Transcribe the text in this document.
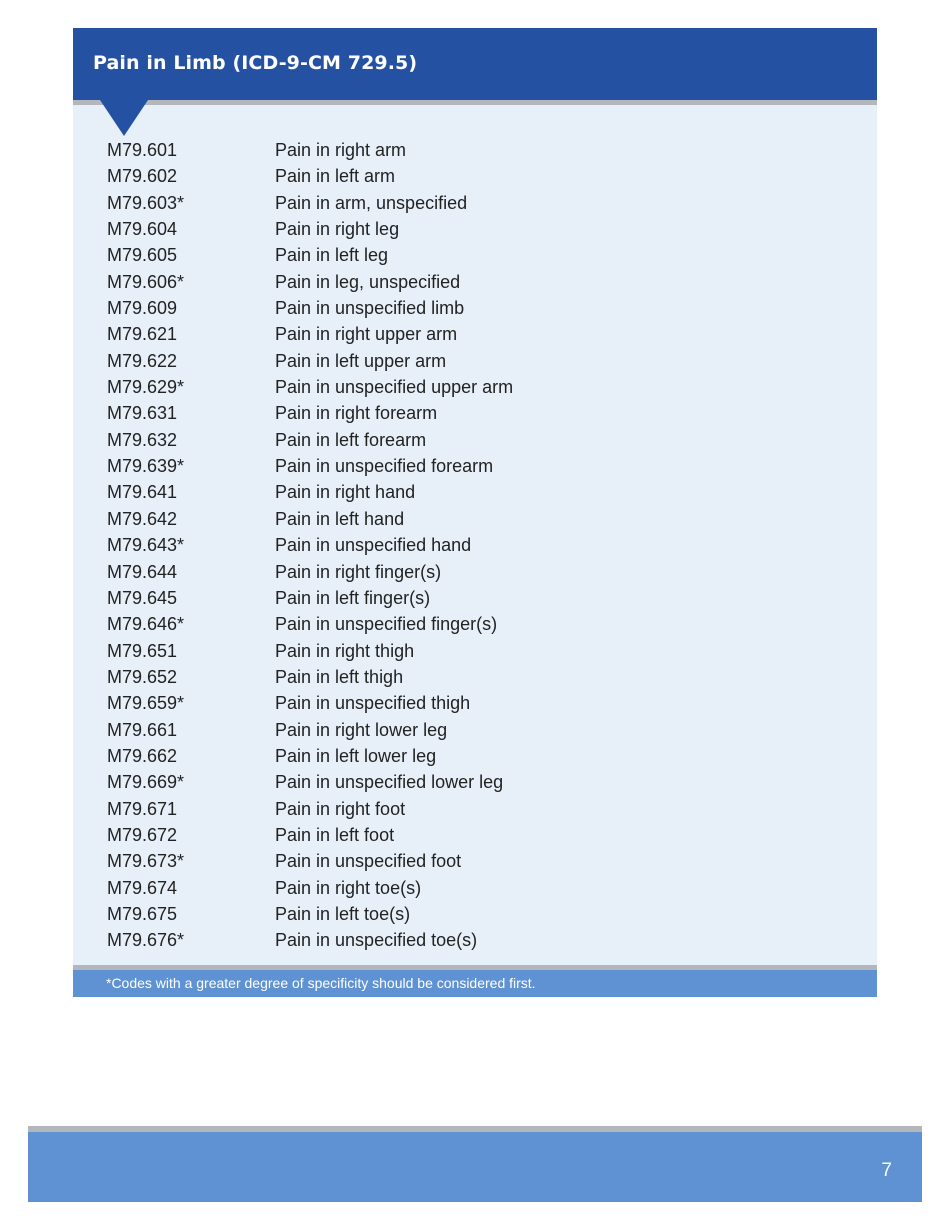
Pain in Limb (ICD-9-CM 729.5)
M79.601	Pain in right arm
M79.602	Pain in left arm
M79.603*	Pain in arm, unspecified
M79.604	Pain in right leg
M79.605	Pain in left leg
M79.606*	Pain in leg, unspecified
M79.609	Pain in unspecified limb
M79.621	Pain in right upper arm
M79.622	Pain in left upper arm
M79.629*	Pain in unspecified upper arm
M79.631	Pain in right forearm
M79.632	Pain in left forearm
M79.639*	Pain in unspecified forearm
M79.641	Pain in right hand
M79.642	Pain in left hand
M79.643*	Pain in unspecified hand
M79.644	Pain in right finger(s)
M79.645	Pain in left finger(s)
M79.646*	Pain in unspecified finger(s)
M79.651	Pain in right thigh
M79.652	Pain in left thigh
M79.659*	Pain in unspecified thigh
M79.661	Pain in right lower leg
M79.662	Pain in left lower leg
M79.669*	Pain in unspecified lower leg
M79.671	Pain in right foot
M79.672	Pain in left foot
M79.673*	Pain in unspecified foot
M79.674	Pain in right toe(s)
M79.675	Pain in left toe(s)
M79.676*	Pain in unspecified toe(s)
*Codes with a greater degree of specificity should be considered first.
7
